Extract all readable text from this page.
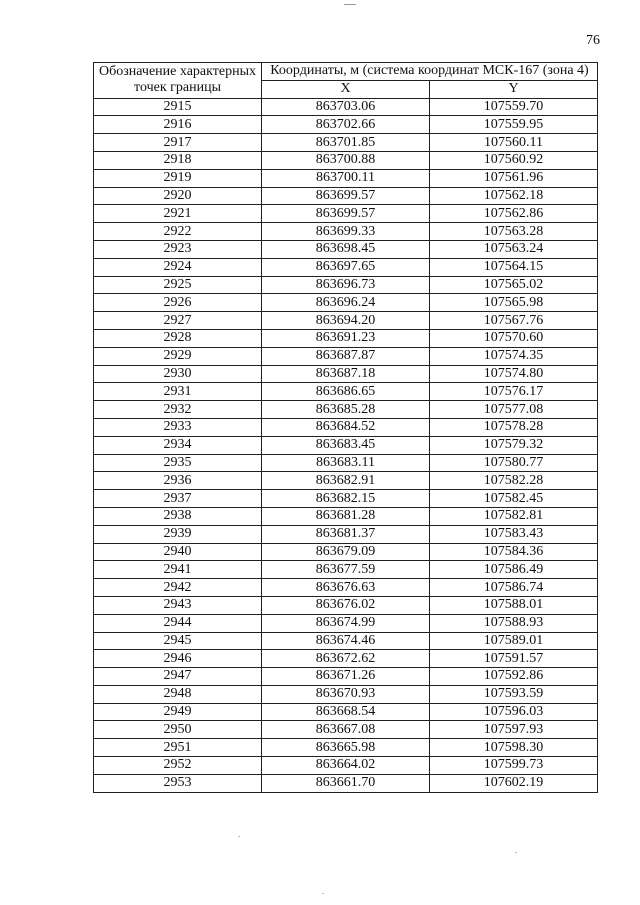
76
Обозначение характерных точек границы	Координаты, м (система координат МСК-167 (зона 4)	
	X	Y
2915	863703.06	107559.70
2916	863702.66	107559.95
2917	863701.85	107560.11
2918	863700.88	107560.92
2919	863700.11	107561.96
2920	863699.57	107562.18
2921	863699.57	107562.86
2922	863699.33	107563.28
2923	863698.45	107563.24
2924	863697.65	107564.15
2925	863696.73	107565.02
2926	863696.24	107565.98
2927	863694.20	107567.76
2928	863691.23	107570.60
2929	863687.87	107574.35
2930	863687.18	107574.80
2931	863686.65	107576.17
2932	863685.28	107577.08
2933	863684.52	107578.28
2934	863683.45	107579.32
2935	863683.11	107580.77
2936	863682.91	107582.28
2937	863682.15	107582.45
2938	863681.28	107582.81
2939	863681.37	107583.43
2940	863679.09	107584.36
2941	863677.59	107586.49
2942	863676.63	107586.74
2943	863676.02	107588.01
2944	863674.99	107588.93
2945	863674.46	107589.01
2946	863672.62	107591.57
2947	863671.26	107592.86
2948	863670.93	107593.59
2949	863668.54	107596.03
2950	863667.08	107597.93
2951	863665.98	107598.30
2952	863664.02	107599.73
2953	863661.70	107602.19
